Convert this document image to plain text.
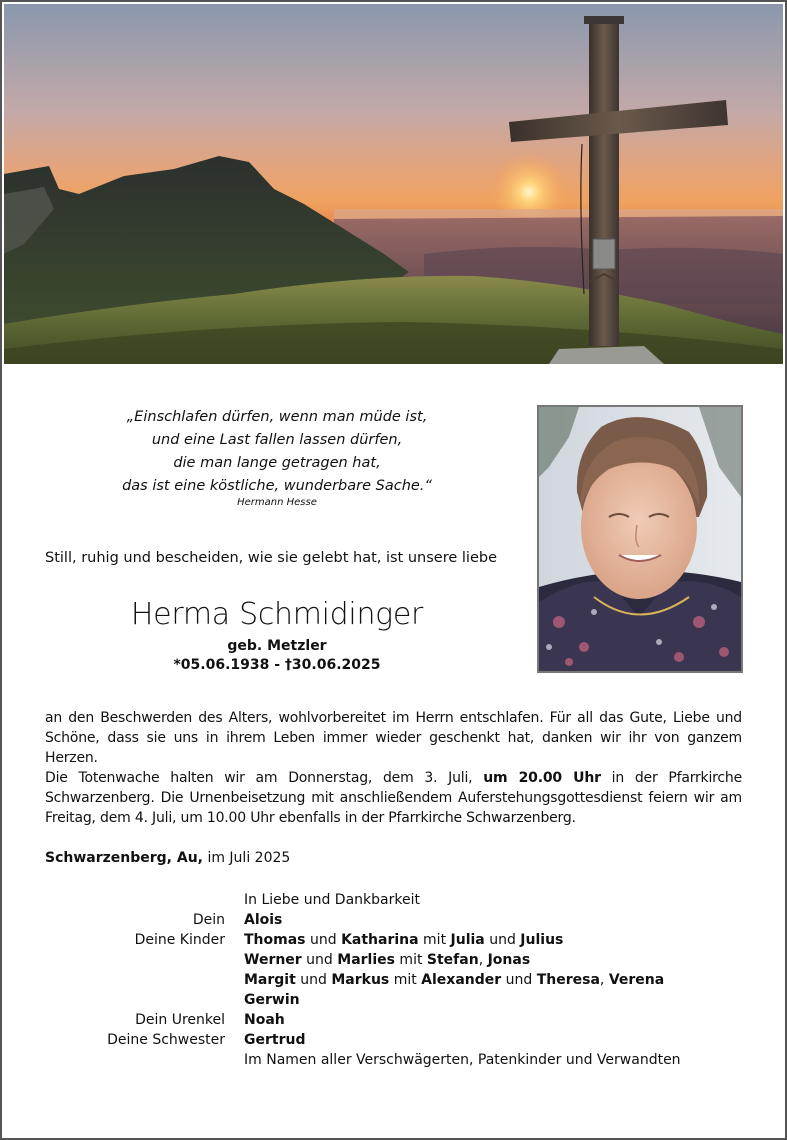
„Einschlafen dürfen, wenn man müde ist,
und eine Last fallen lassen dürfen,
die man lange getragen hat,
das ist eine köstliche, wunderbare Sache.“
Hermann Hesse
Still, ruhig und bescheiden, wie sie gelebt hat, ist unsere liebe
Herma Schmidinger
geb. Metzler
*05.06.1938 - †30.06.2025
an den Beschwerden des Alters, wohlvorbereitet im Herrn entschlafen. Für all das Gute, Liebe und Schöne, dass sie uns in ihrem Leben immer wieder geschenkt hat, danken wir ihr von ganzem Herzen.
Die Totenwache halten wir am Donnerstag, dem 3. Juli, um 20.00 Uhr in der Pfarrkirche Schwarzenberg. Die Urnenbeisetzung mit anschließendem Auferstehungsgottesdienst feiern wir am Freitag, dem 4. Juli, um 10.00 Uhr ebenfalls in der Pfarrkirche Schwarzenberg.
Schwarzenberg, Au, im Juli 2025
In Liebe und Dankbarkeit
Dein Alois
Deine Kinder Thomas und Katharina mit Julia und Julius
Werner und Marlies mit Stefan, Jonas
Margit und Markus mit Alexander und Theresa, Verena
Gerwin
Dein Urenkel Noah
Deine Schwester Gertrud
Im Namen aller Verschwägerten, Patenkinder und Verwandten
